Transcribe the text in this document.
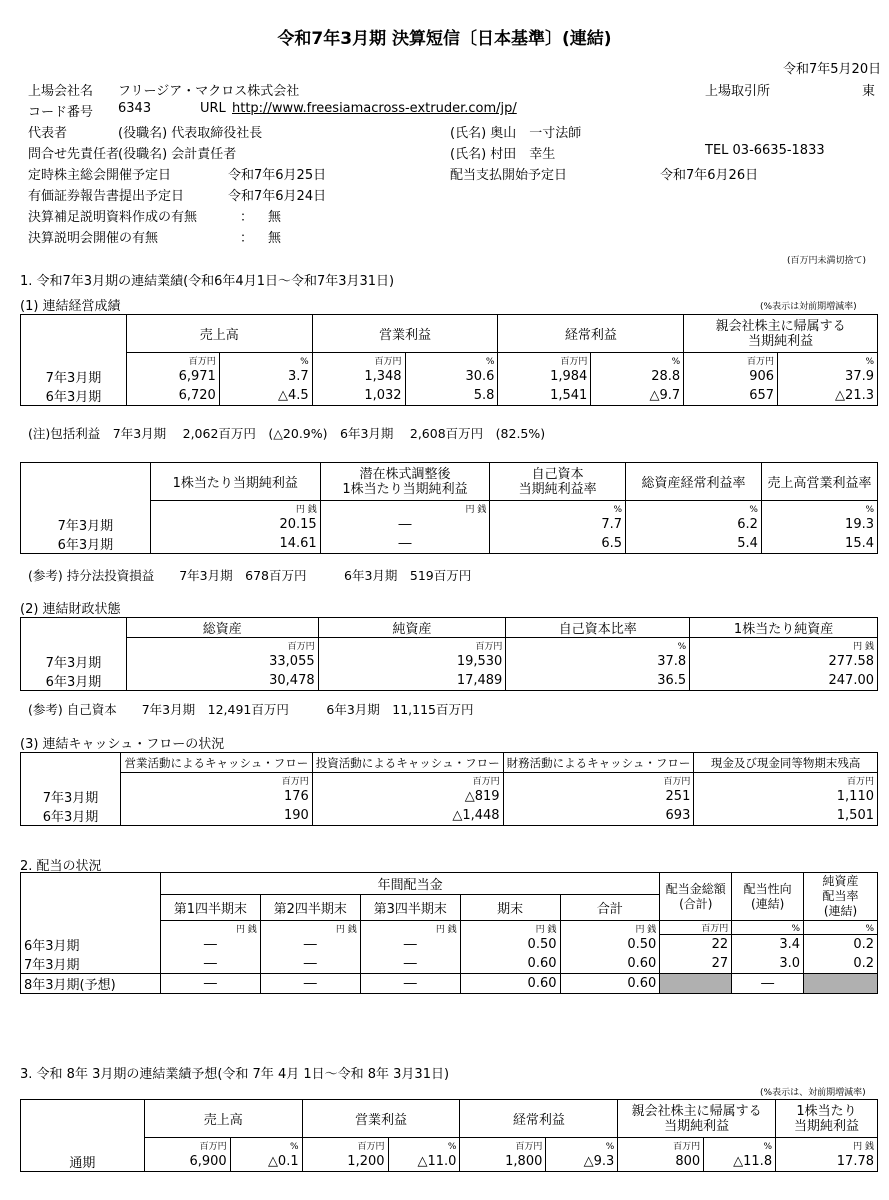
令和7年3月期 決算短信〔日本基準〕(連結)
令和7年5月20日
上場会社名 フリージア・マクロス株式会社	上場取引所	東
コード番号 6343	URL http://www.freesiamacross-extruder.com/jp/
代表者	(役職名) 代表取締役社長	(氏名) 奥山　一寸法師
問合せ先責任者
(役職名) 会計責任者	(氏名) 村田　幸生	TEL 03-6635-1833
定時株主総会開催予定日	令和7年6月25日	配当支払開始予定日	令和7年6月26日
有価証券報告書提出予定日	令和7年6月24日
決算補足説明資料作成の有無	： 無
決算説明会開催の有無	： 無
(百万円未満切捨て)
1. 令和7年3月期の連結業績(令和6年4月1日～令和7年3月31日)
(1) 連結経営成績	(%表示は対前期増減率)
	売上高		営業利益		経常利益		親会社株主に帰属する
当期純利益	
	百万円	%	百万円	%	百万円	%	百万円	%
7年3月期	6,971	3.7	1,348	30.6	1,984	28.8	906	37.9
6年3月期	6,720	△4.5	1,032	5.8	1,541	△9.7	657	△21.3
(注)包括利益　7年3月期　 2,062百万円　(△20.9%)　6年3月期　 2,608百万円　(82.5%)
	1株当たり当期純利益	潜在株式調整後
1株当たり当期純利益	自己資本
当期純利益率	総資産経常利益率	売上高営業利益率
	円 銭	円 銭	%	%	%
7年3月期	20.15	―	7.7	6.2	19.3
6年3月期	14.61	―	6.5	5.4	15.4
(参考) 持分法投資損益　　7年3月期　678百万円　　　6年3月期　519百万円
(2) 連結財政状態
	総資産	純資産	自己資本比率	1株当たり純資産
	百万円	百万円	%	円 銭
7年3月期	33,055	19,530	37.8	277.58
6年3月期	30,478	17,489	36.5	247.00
(参考) 自己資本　　7年3月期　12,491百万円　　　6年3月期　11,115百万円
(3) 連結キャッシュ・フローの状況
	営業活動によるキャッシュ・フロー	投資活動によるキャッシュ・フロー	財務活動によるキャッシュ・フロー	現金及び現金同等物期末残高
	百万円	百万円	百万円	百万円
7年3月期	176	△819	251	1,110
6年3月期	190	△1,448	693	1,501
2. 配当の状況
	年間配当金					配当金総額
(合計)	配当性向
(連結)	純資産
配当率
(連結)
	第1四半期末	第2四半期末	第3四半期末	期末	合計			
	円 銭	円 銭	円 銭	円 銭	円 銭	百万円	%	%
6年3月期	―	―	―	0.50	0.50	22	3.4	0.2
7年3月期	―	―	―	0.60	0.60	27	3.0	0.2
8年3月期(予想)	―	―	―	0.60	0.60		―	
3. 令和 8年 3月期の連結業績予想(令和 7年 4月 1日～令和 8年 3月31日)
(%表示は、対前期増減率)
	売上高		営業利益		経常利益		親会社株主に帰属する
当期純利益		1株当たり
当期純利益
	百万円	%	百万円	%	百万円	%	百万円	%	円 銭
通期	6,900	△0.1	1,200	△11.0	1,800	△9.3	800	△11.8	17.78
